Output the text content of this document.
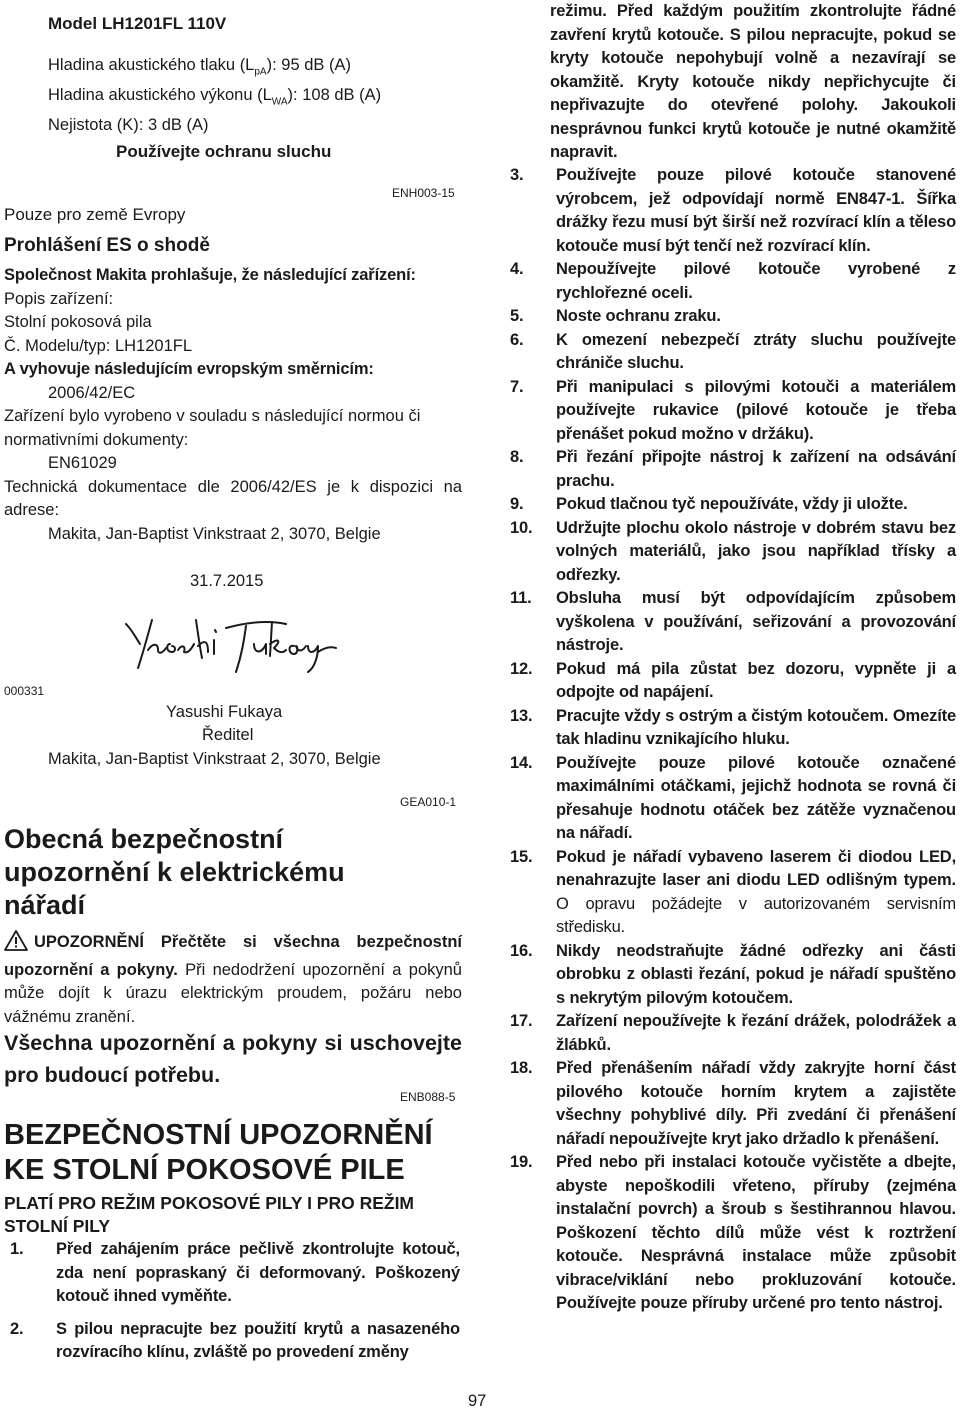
Model LH1201FL 110V
Hladina akustického tlaku $(L_{pA})$: 95 dB (A)
Hladina akustického výkonu $(L_{WA})$: 108 dB (A)
Nejistota (K): 3 dB (A)
Používejte ochranu sluchu
ENH003-15
Pouze pro země Evropy
Prohlášení ES o shodě
Společnost Makita prohlašuje, že následující zařízení:
Popis zařízení:
Stolní pokosová pila
Č. Modelu/typ: LH1201FL
A vyhovuje následujícím evropským směrnicím:
2006/42/EC
Zařízení bylo vyrobeno v souladu s následující normou či normativními dokumenty:
EN61029
Technická dokumentace dle 2006/42/ES je k dispozici na adrese:
Makita, Jan-Baptist Vinkstraat 2, 3070, Belgie
31.7.2015
000331
Yasushi Fukaya
Ředitel
Makita, Jan-Baptist Vinkstraat 2, 3070, Belgie
GEA010-1
Obecná bezpečnostní upozornění k elektrickému nářadí
UPOZORNĚNÍ Přečtěte si všechna bezpečnostní upozornění a pokyny. Při nedodržení upozornění a pokynů může dojít k úrazu elektrickým proudem, požáru nebo vážnému zranění.
Všechna upozornění a pokyny si uschovejte pro budoucí potřebu.
ENB088-5
BEZPEČNOSTNÍ UPOZORNĚNÍ KE STOLNÍ POKOSOVÉ PILE
PLATÍ PRO REŽIM POKOSOVÉ PILY I PRO REŽIM STOLNÍ PILY
1.	Před zahájením práce pečlivě zkontrolujte kotouč, zda není popraskaný či deformovaný. Poškozený kotouč ihned vyměňte.
2.	S pilou nepracujte bez použití krytů a nasazeného rozvíracího klínu, zvláště po provedení změny
režimu. Před každým použitím zkontrolujte řádné zavření krytů kotouče. S pilou nepracujte, pokud se kryty kotouče nepohybují volně a nezavírají se okamžitě. Kryty kotouče nikdy nepřichycujte či nepřivazujte do otevřené polohy. Jakoukoli nesprávnou funkci krytů kotouče je nutné okamžitě napravit.
3.	Používejte pouze pilové kotouče stanovené výrobcem, jež odpovídají normě EN847-1. Šířka drážky řezu musí být širší než rozvírací klín a těleso kotouče musí být tenčí než rozvírací klín.
4.	Nepoužívejte pilové kotouče vyrobené z rychlořezné oceli.
5.	Noste ochranu zraku.
6.	K omezení nebezpečí ztráty sluchu používejte chrániče sluchu.
7.	Při manipulaci s pilovými kotouči a materiálem používejte rukavice (pilové kotouče je třeba přenášet pokud možno v držáku).
8.	Při řezání připojte nástroj k zařízení na odsávání prachu.
9.	Pokud tlačnou tyč nepoužíváte, vždy ji uložte.
10.	Udržujte plochu okolo nástroje v dobrém stavu bez volných materiálů, jako jsou například třísky a odřezky.
11.	Obsluha musí být odpovídajícím způsobem vyškolena v používání, seřizování a provozování nástroje.
12.	Pokud má pila zůstat bez dozoru, vypněte ji a odpojte od napájení.
13.	Pracujte vždy s ostrým a čistým kotoučem. Omezíte tak hladinu vznikajícího hluku.
14.	Používejte pouze pilové kotouče označené maximálními otáčkami, jejichž hodnota se rovná či přesahuje hodnotu otáček bez zátěže vyznačenou na nářadí.
15.	Pokud je nářadí vybaveno laserem či diodou LED, nenahrazujte laser ani diodu LED odlišným typem. O opravu požádejte v autorizovaném servisním středisku.
16.	Nikdy neodstraňujte žádné odřezky ani části obrobku z oblasti řezání, pokud je nářadí spuštěno s nekrytým pilovým kotoučem.
17.	Zařízení nepoužívejte k řezání drážek, polodrážek a žlábků.
18.	Před přenášením nářadí vždy zakryjte horní část pilového kotouče horním krytem a zajistěte všechny pohyblivé díly. Při zvedání či přenášení nářadí nepoužívejte kryt jako držadlo k přenášení.
19.	Před nebo při instalaci kotouče vyčistěte a dbejte, abyste nepoškodili vřeteno, příruby (zejména instalační povrch) a šroub s šestihrannou hlavou. Poškození těchto dílů může vést k roztržení kotouče. Nesprávná instalace může způsobit vibrace/viklání nebo prokluzování kotouče. Používejte pouze příruby určené pro tento nástroj.
97
